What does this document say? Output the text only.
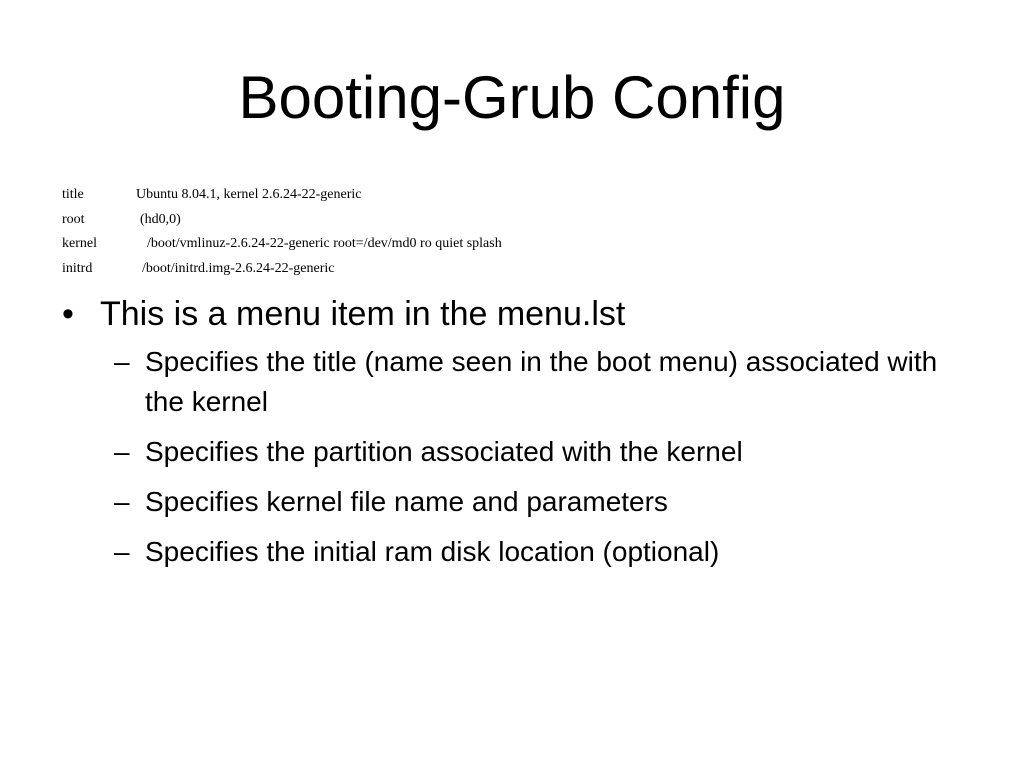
Booting-Grub Config
title	Ubuntu 8.04.1, kernel 2.6.24-22-generic
root	(hd0,0)
kernel	/boot/vmlinuz-2.6.24-22-generic root=/dev/md0 ro quiet splash
initrd	/boot/initrd.img-2.6.24-22-generic
• This is a menu item in the menu.lst
– Specifies the title (name seen in the boot menu) associated with the kernel
– Specifies the partition associated with the kernel
– Specifies kernel file name and parameters
– Specifies the initial ram disk location (optional)
